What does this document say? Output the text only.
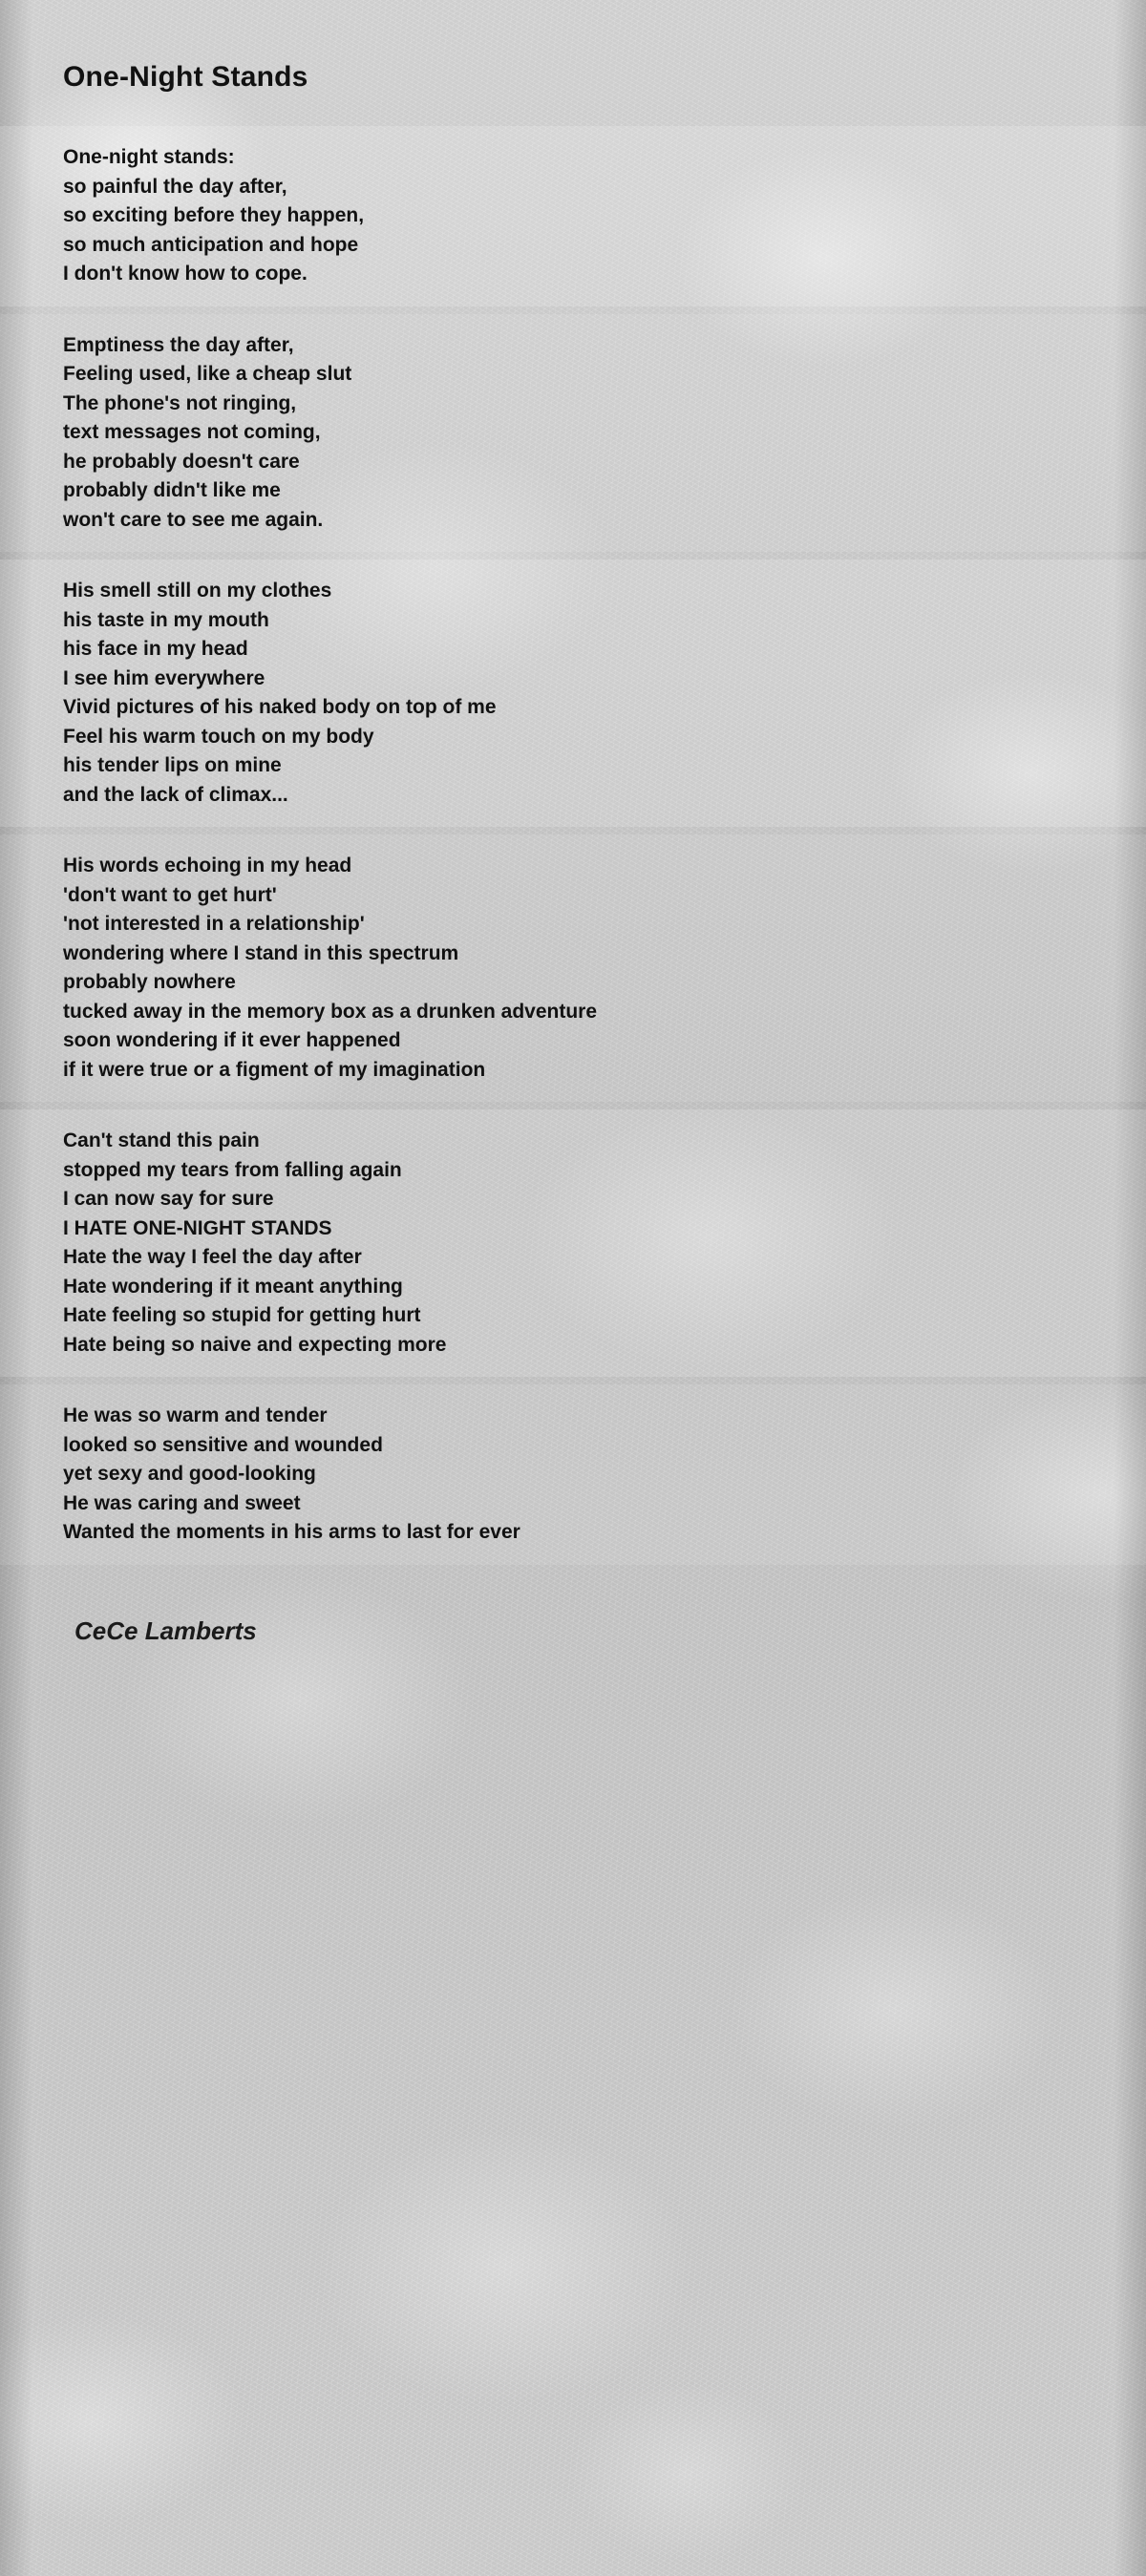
One-Night Stands
One-night stands:
so painful the day after,
so exciting before they happen,
so much anticipation and hope
I don't know how to cope.
Emptiness the day after,
Feeling used, like a cheap slut
The phone's not ringing,
text messages not coming,
he probably doesn't care
probably didn't like me
won't care to see me again.
His smell still on my clothes
his taste in my mouth
his face in my head
I see him everywhere
Vivid pictures of his naked body on top of me
Feel his warm touch on my body
his tender lips on mine
and the lack of climax...
His words echoing in my head
'don't want to get hurt'
'not interested in a relationship'
wondering where I stand in this spectrum
probably nowhere
tucked away in the memory box as a drunken adventure
soon wondering if it ever happened
if it were true or a figment of my imagination
Can't stand this pain
stopped my tears from falling again
I can now say for sure
I HATE ONE-NIGHT STANDS
Hate the way I feel the day after
Hate wondering if it meant anything
Hate feeling so stupid for getting hurt
Hate being so naive and expecting more
He was so warm and tender
looked so sensitive and wounded
yet sexy and good-looking
He was caring and sweet
Wanted the moments in his arms to last for ever
CeCe Lamberts
